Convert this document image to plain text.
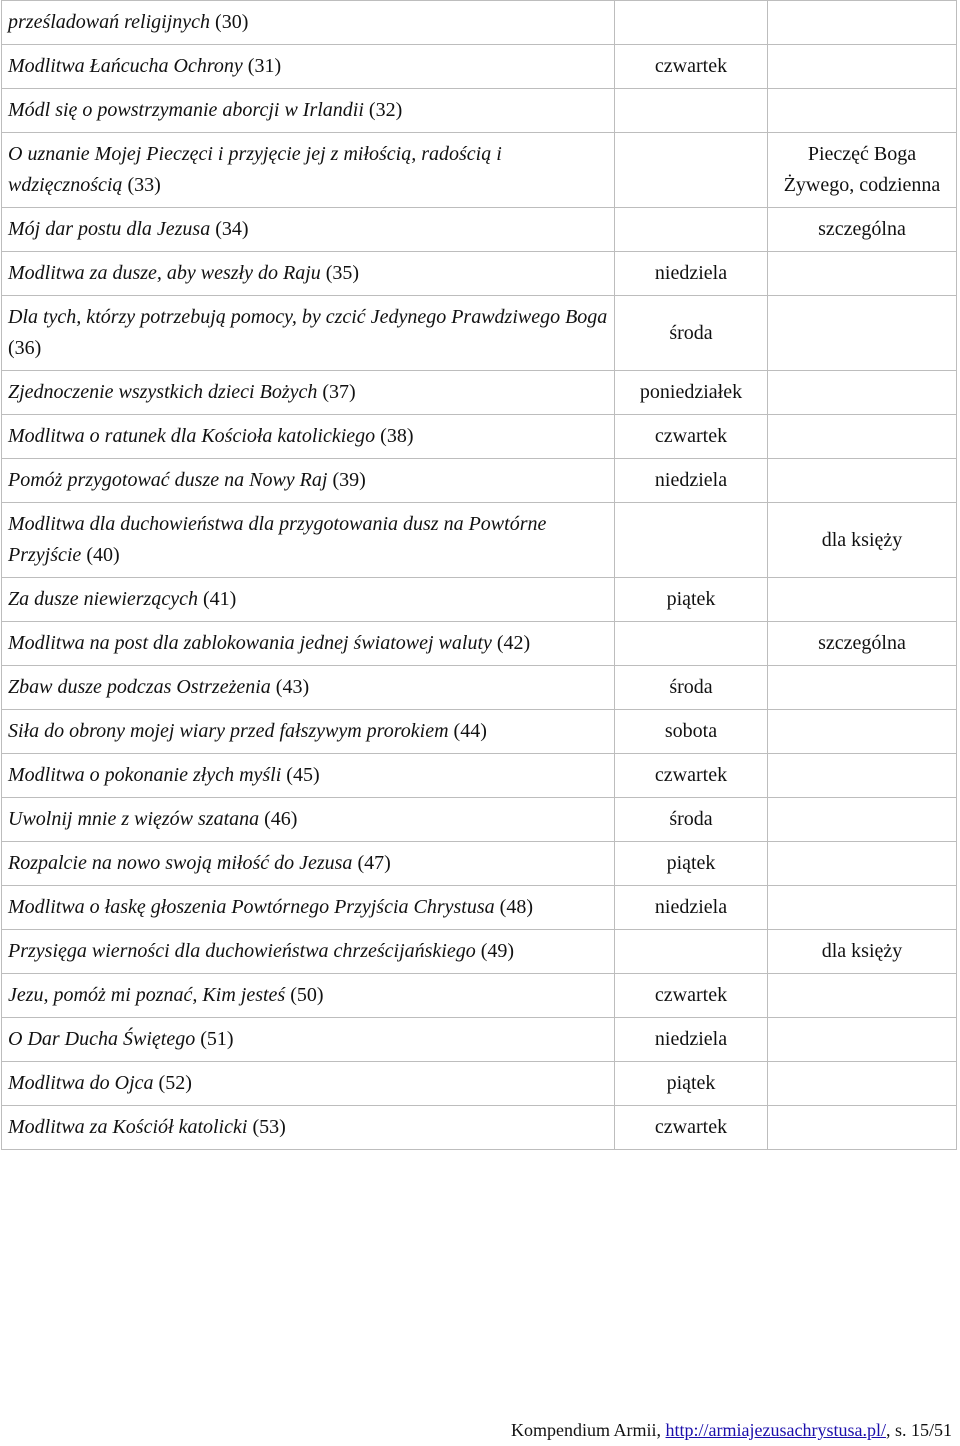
prześladowań religijnych (30)		
Modlitwa Łańcucha Ochrony (31)	czwartek	
Módl się o powstrzymanie aborcji w Irlandii (32)		
O uznanie Mojej Pieczęci i przyjęcie jej z miłością, radością i wdzięcznością (33)		Pieczęć Boga Żywego, codzienna
Mój dar postu dla Jezusa (34)		szczególna
Modlitwa za dusze, aby weszły do Raju (35)	niedziela	
Dla tych, którzy potrzebują pomocy, by czcić Jedynego Prawdziwego Boga (36)	środa	
Zjednoczenie wszystkich dzieci Bożych (37)	poniedziałek	
Modlitwa o ratunek dla Kościoła katolickiego (38)	czwartek	
Pomóż przygotować dusze na Nowy Raj (39)	niedziela	
Modlitwa dla duchowieństwa dla przygotowania dusz na Powtórne Przyjście (40)		dla księży
Za dusze niewierzących (41)	piątek	
Modlitwa na post dla zablokowania jednej światowej waluty (42)		szczególna
Zbaw dusze podczas Ostrzeżenia (43)	środa	
Siła do obrony mojej wiary przed fałszywym prorokiem (44)	sobota	
Modlitwa o pokonanie złych myśli (45)	czwartek	
Uwolnij mnie z więzów szatana (46)	środa	
Rozpalcie na nowo swoją miłość do Jezusa (47)	piątek	
Modlitwa o łaskę głoszenia Powtórnego Przyjścia Chrystusa (48)	niedziela	
Przysięga wierności dla duchowieństwa chrześcijańskiego (49)		dla księży
Jezu, pomóż mi poznać, Kim jesteś (50)	czwartek	
O Dar Ducha Świętego (51)	niedziela	
Modlitwa do Ojca (52)	piątek	
Modlitwa za Kościół katolicki (53)	czwartek	
Kompendium Armii, http://armiajezusachrystusa.pl/, s. 15/51
